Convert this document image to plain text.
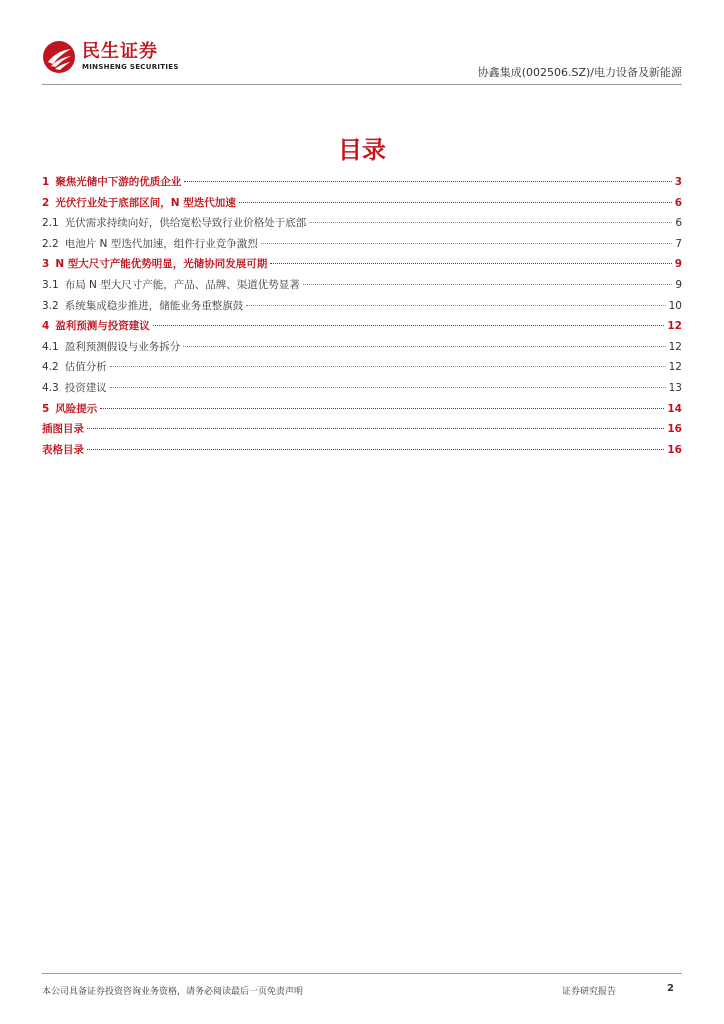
民生证券
MINSHENG SECURITIES	协鑫集成(002506.SZ)/电力设备及新能源
目录
1 聚焦光储中下游的优质企业	3
2 光伏行业处于底部区间，N 型迭代加速	6
2.1 光伏需求持续向好，供给宽松导致行业价格处于底部	6
2.2 电池片 N 型迭代加速，组件行业竞争激烈	7
3 N 型大尺寸产能优势明显，光储协同发展可期	9
3.1 布局 N 型大尺寸产能，产品、品牌、渠道优势显著	9
3.2 系统集成稳步推进，储能业务重整旗鼓	10
4 盈利预测与投资建议	12
4.1 盈利预测假设与业务拆分	12
4.2 估值分析	12
4.3 投资建议	13
5 风险提示	14
插图目录	16
表格目录	16
本公司具备证券投资咨询业务资格，请务必阅读最后一页免责声明	证券研究报告	2
